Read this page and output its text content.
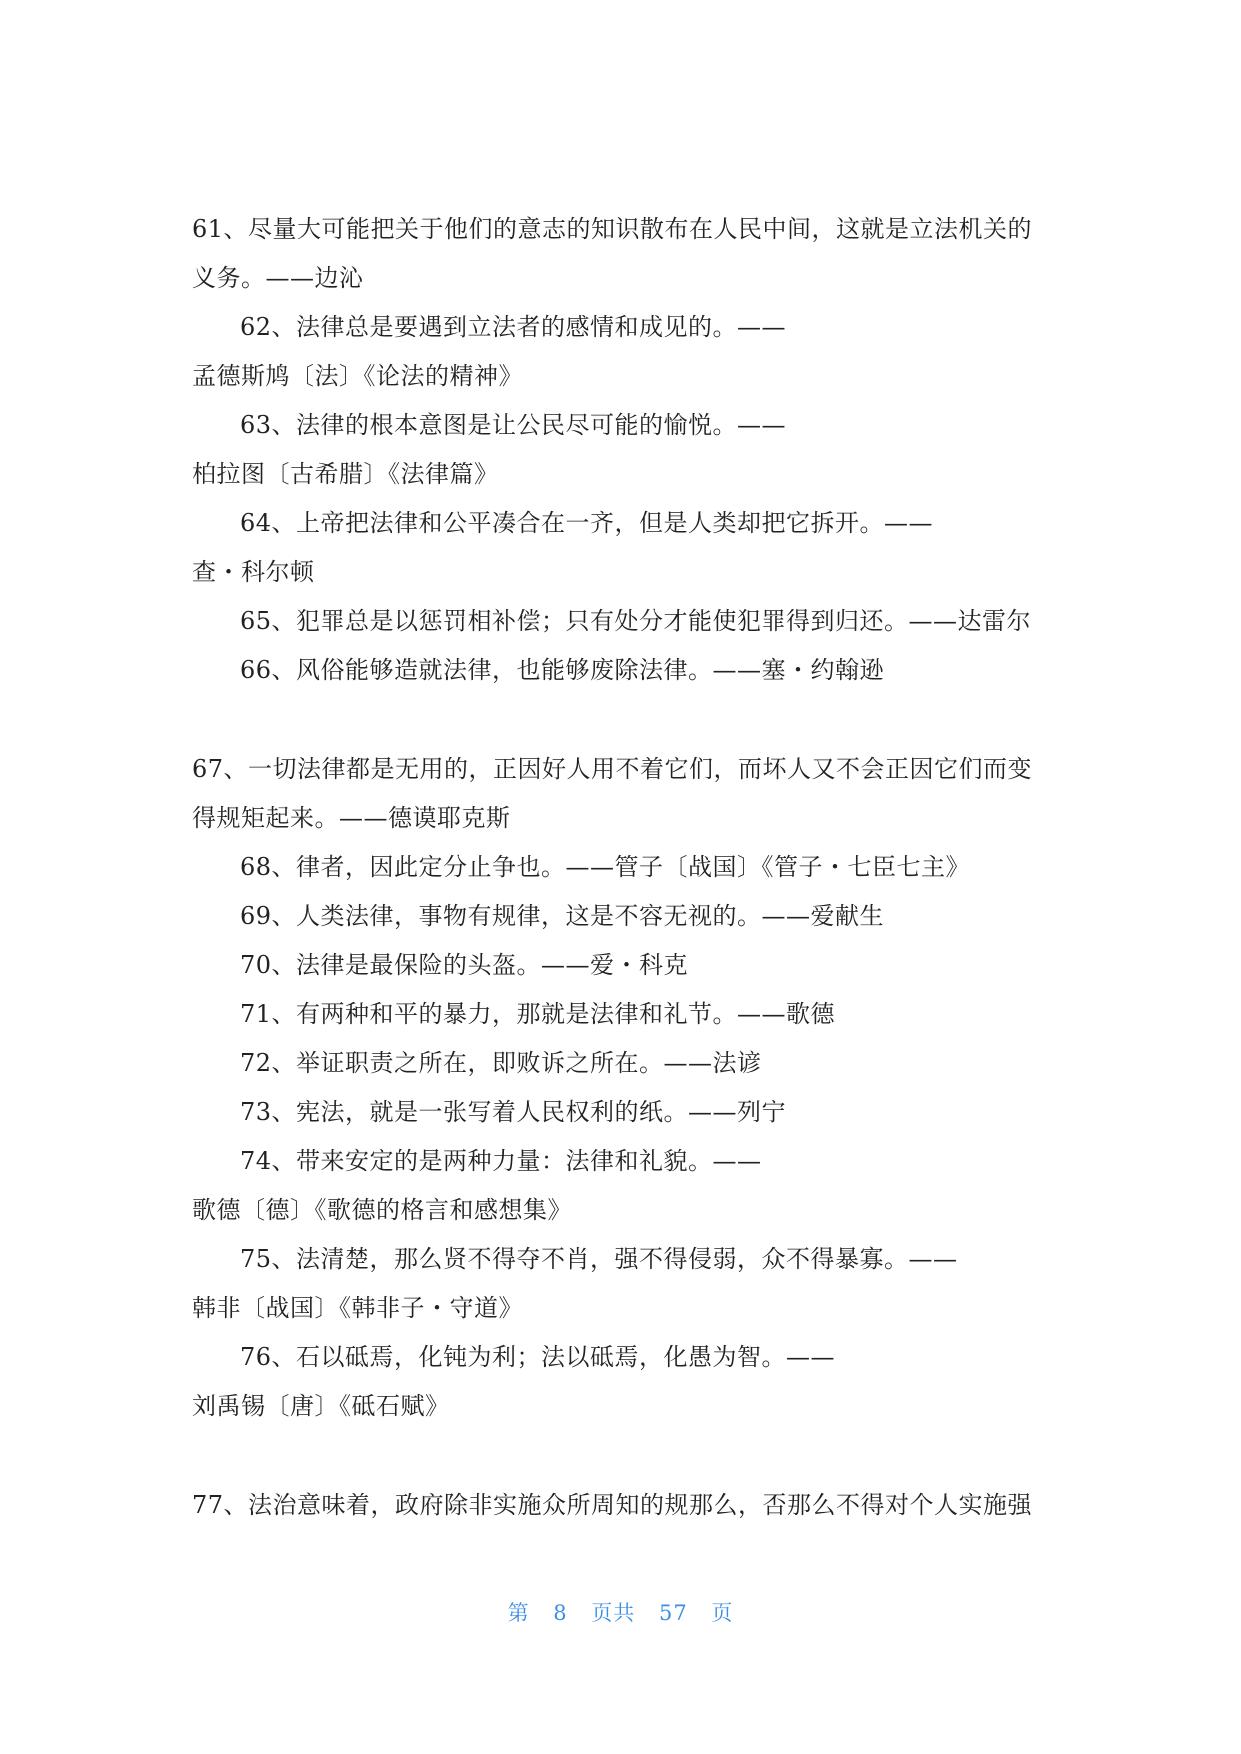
61、尽量大可能把关于他们的意志的知识散布在人民中间，这就是立法机关的
义务。——边沁
62、法律总是要遇到立法者的感情和成见的。——
孟德斯鸠〔法〕《论法的精神》
63、法律的根本意图是让公民尽可能的愉悦。——
柏拉图〔古希腊〕《法律篇》
64、上帝把法律和公平凑合在一齐，但是人类却把它拆开。——
查・科尔顿
65、犯罪总是以惩罚相补偿；只有处分才能使犯罪得到归还。——达雷尔
66、风俗能够造就法律，也能够废除法律。——塞・约翰逊
67、一切法律都是无用的，正因好人用不着它们，而坏人又不会正因它们而变
得规矩起来。——德谟耶克斯
68、律者，因此定分止争也。——管子〔战国〕《管子・七臣七主》
69、人类法律，事物有规律，这是不容无视的。——爱献生
70、法律是最保险的头盔。——爱・科克
71、有两种和平的暴力，那就是法律和礼节。——歌德
72、举证职责之所在，即败诉之所在。——法谚
73、宪法，就是一张写着人民权利的纸。——列宁
74、带来安定的是两种力量：法律和礼貌。——
歌德〔德〕《歌德的格言和感想集》
75、法清楚，那么贤不得夺不肖，强不得侵弱，众不得暴寡。——
韩非〔战国〕《韩非子・守道》
76、石以砥焉，化钝为利；法以砥焉，化愚为智。——
刘禹锡〔唐〕《砥石赋》
77、法治意味着，政府除非实施众所周知的规那么，否那么不得对个人实施强
第 8 页共 57 页
